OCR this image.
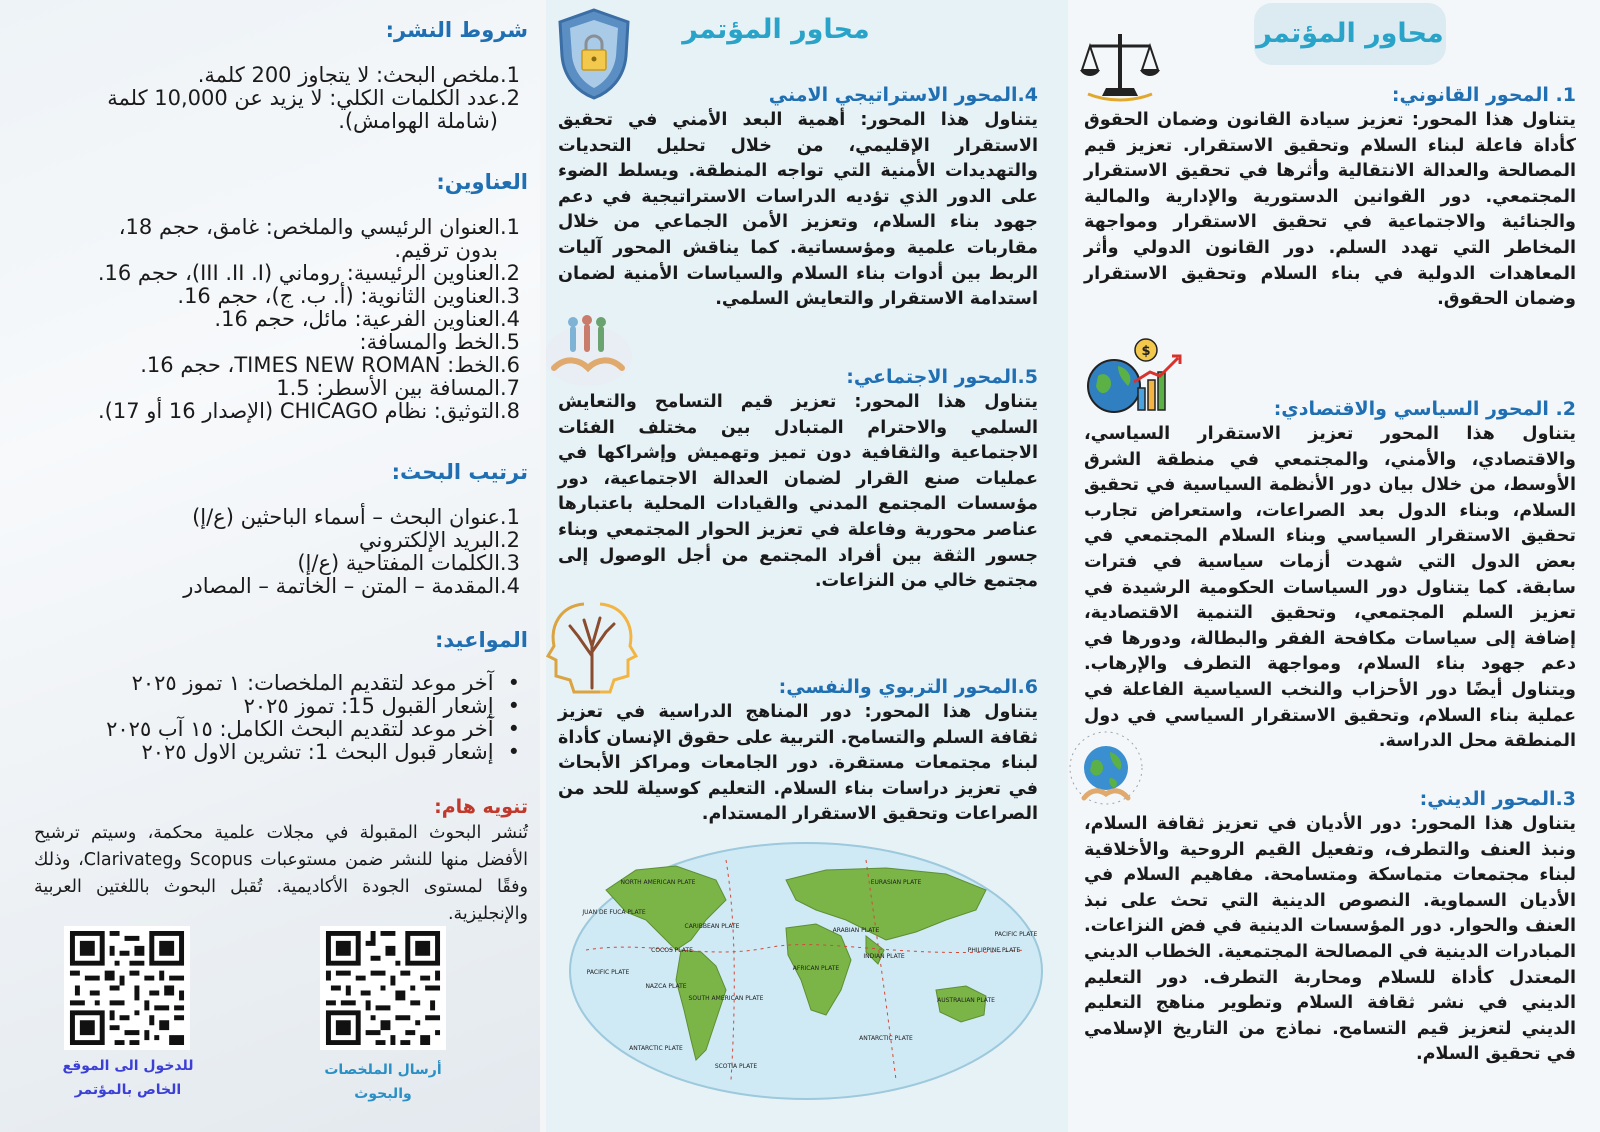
شروط النشر:
1.ملخص البحث: لا يتجاوز 200 كلمة.
2.عدد الكلمات الكلي: لا يزيد عن 10,000 كلمة
(شاملة الهوامش).
العناوين:
1.العنوان الرئيسي والملخص: غامق، حجم 18،
بدون ترقيم.
2.العناوين الرئيسية: روماني (III .II .I)، حجم 16.
3.العناوين الثانوية: (أ. ب. ج)، حجم 16.
4.العناوين الفرعية: مائل، حجم 16.
5.الخط والمسافة:
6.الخط: TIMES NEW ROMAN، حجم 16.
7.المسافة بين الأسطر: 1.5
8.التوثيق: نظام CHICAGO (الإصدار 16 أو 17).
ترتيب البحث:
1.عنوان البحث – أسماء الباحثين (ع/إ)
2.البريد الإلكتروني
3.الكلمات المفتاحية (ع/إ)
4.المقدمة – المتن – الخاتمة – المصادر
المواعيد:
•آخر موعد لتقديم الملخصات: ١ تموز ٢٠٢٥
•إشعار القبول 15: تموز ٢٠٢٥
•آخر موعد لتقديم البحث الكامل: ١٥ آب ٢٠٢٥
•إشعار قبول البحث 1: تشرين الاول ٢٠٢٥
تنويه هام:
تُنشر البحوث المقبولة في مجلات علمية محكمة، وسيتم ترشيح الأفضل منها للنشر ضمن مستوعبات Scopus وClarivateg، وذلك وفقًا لمستوى الجودة الأكاديمية. تُقبل البحوث باللغتين العربية والإنجليزية.
للدخول الى الموقع
الخاص بالمؤتمر
أرسال الملخصات
والبحوث
محاور المؤتمر
4.المحور الاستراتيجي الامني
يتناول هذا المحور: أهمية البعد الأمني في تحقيق الاستقرار الإقليمي، من خلال تحليل التحديات والتهديدات الأمنية التي تواجه المنطقة. ويسلط الضوء على الدور الذي تؤديه الدراسات الاستراتيجية في دعم جهود بناء السلام، وتعزيز الأمن الجماعي من خلال مقاربات علمية ومؤسساتية. كما يناقش المحور آليات الربط بين أدوات بناء السلام والسياسات الأمنية لضمان استدامة الاستقرار والتعايش السلمي.
5.المحور الاجتماعي:
يتناول هذا المحور: تعزيز قيم التسامح والتعايش السلمي والاحترام المتبادل بين مختلف الفئات الاجتماعية والثقافية دون تميز وتهميش وإشراكها في عمليات صنع القرار لضمان العدالة الاجتماعية، دور مؤسسات المجتمع المدني والقيادات المحلية باعتبارها عناصر محورية وفاعلة في تعزيز الحوار المجتمعي وبناء جسور الثقة بين أفراد المجتمع من أجل الوصول إلى مجتمع خالي من النزاعات.
6.المحور التربوي والنفسي:
يتناول هذا المحور: دور المناهج الدراسية في تعزيز ثقافة السلم والتسامح. التربية على حقوق الإنسان كأداة لبناء مجتمعات مستقرة. دور الجامعات ومراكز الأبحاث في تعزيز دراسات بناء السلام. التعليم كوسيلة للحد من الصراعات وتحقيق الاستقرار المستدام.
NORTH AMERICAN PLATE	EURASIAN PLATE
JUAN DE FUCA PLATE
CARIBBEAN PLATE
ARABIAN PLATE
PHILIPPINE PLATE
PACIFIC PLATE
COCOS PLATE
AFRICAN PLATE
INDIAN PLATE
PACIFIC PLATE
NAZCA PLATE
SOUTH AMERICAN PLATE	AUSTRALIAN PLATE
ANTARCTIC PLATE
SCOTIA PLATE
ANTARCTIC PLATE
محاور المؤتمر
1. المحور القانوني:
يتناول هذا المحور: تعزيز سيادة القانون وضمان الحقوق كأداة فاعلة لبناء السلام وتحقيق الاستقرار. تعزيز قيم المصالحة والعدالة الانتقالية وأثرها في تحقيق الاستقرار المجتمعي. دور القوانين الدستورية والإدارية والمالية والجنائية والاجتماعية في تحقيق الاستقرار ومواجهة المخاطر التي تهدد السلم. دور القانون الدولي وأثر المعاهدات الدولية في بناء السلام وتحقيق الاستقرار وضمان الحقوق.
$
2. المحور السياسي والاقتصادي:
يتناول هذا المحور تعزيز الاستقرار السياسي، والاقتصادي، والأمني، والمجتمعي في منطقة الشرق الأوسط، من خلال بيان دور الأنظمة السياسية في تحقيق السلام، وبناء الدول بعد الصراعات، واستعراض تجارب تحقيق الاستقرار السياسي وبناء السلام المجتمعي في بعض الدول التي شهدت أزمات سياسية في فترات سابقة. كما يتناول دور السياسات الحكومية الرشيدة في تعزيز السلم المجتمعي، وتحقيق التنمية الاقتصادية، إضافة إلى سياسات مكافحة الفقر والبطالة، ودورها في دعم جهود بناء السلام، ومواجهة التطرف والإرهاب. ويتناول أيضًا دور الأحزاب والنخب السياسية الفاعلة في عملية بناء السلام، وتحقيق الاستقرار السياسي في دول المنطقة محل الدراسة.
3.المحور الديني:
يتناول هذا المحور: دور الأديان في تعزيز ثقافة السلام، ونبذ العنف والتطرف، وتفعيل القيم الروحية والأخلاقية لبناء مجتمعات متماسكة ومتسامحة. مفاهيم السلام في الأديان السماوية. النصوص الدينية التي تحث على نبذ العنف والحوار. دور المؤسسات الدينية في فض النزاعات. المبادرات الدينية في المصالحة المجتمعية. الخطاب الديني المعتدل كأداة للسلام ومحاربة التطرف. دور التعليم الديني في نشر ثقافة السلام وتطوير مناهج التعليم الديني لتعزيز قيم التسامح. نماذج من التاريخ الإسلامي في تحقيق السلام.
